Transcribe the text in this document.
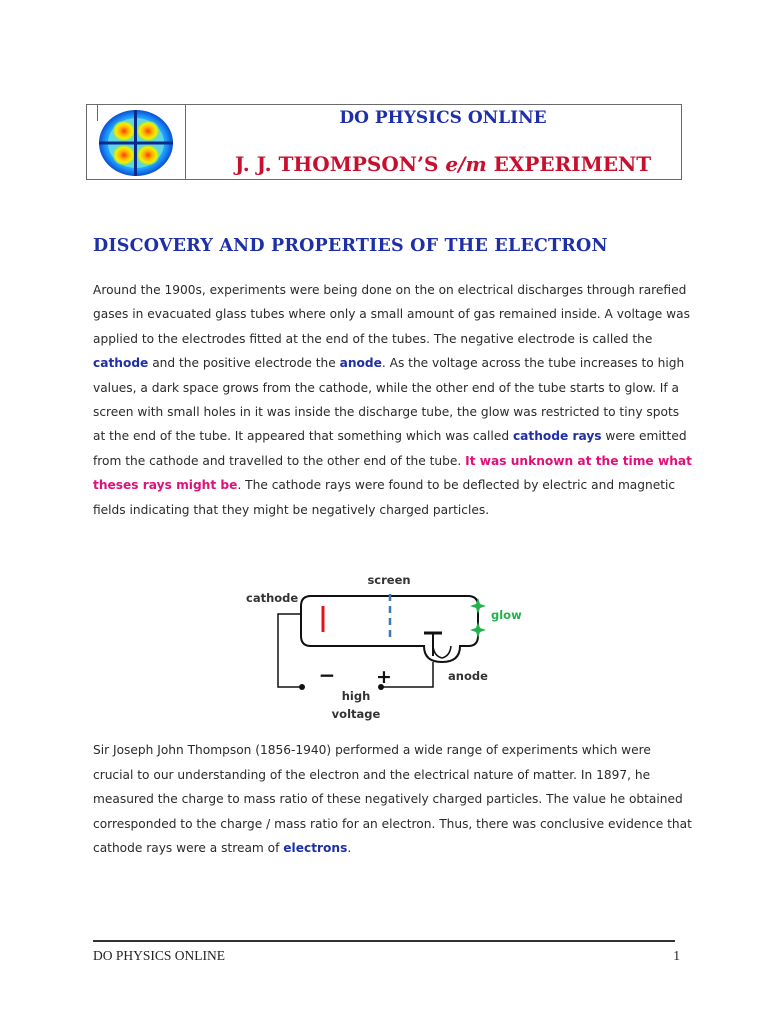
DO PHYSICS ONLINE
J. J. THOMPSON’S e/m EXPERIMENT
DISCOVERY AND PROPERTIES OF THE ELECTRON

Around the 1900s, experiments were being done on the on electrical discharges through rarefied gases in evacuated glass tubes where only a small amount of gas remained inside. A voltage was applied to the electrodes fitted at the end of the tubes. The negative electrode is called the cathode and the positive electrode the anode. As the voltage across the tube increases to high values, a dark space grows from the cathode, while the other end of the tube starts to glow. If a screen with small holes in it was inside the discharge tube, the glow was restricted to tiny spots at the end of the tube. It appeared that something which was called cathode rays were emitted from the cathode and travelled to the other end of the tube. It was unknown at the time what theses rays might be. The cathode rays were found to be deflected by electric and magnetic fields indicating that they might be negatively charged particles.

screen
cathode
glow
anode
− +
high
voltage

Sir Joseph John Thompson (1856-1940) performed a wide range of experiments which were crucial to our understanding of the electron and the electrical nature of matter. In 1897, he measured the charge to mass ratio of these negatively charged particles. The value he obtained corresponded to the charge / mass ratio for an electron. Thus, there was conclusive evidence that cathode rays were a stream of electrons.

DO PHYSICS ONLINE	1
